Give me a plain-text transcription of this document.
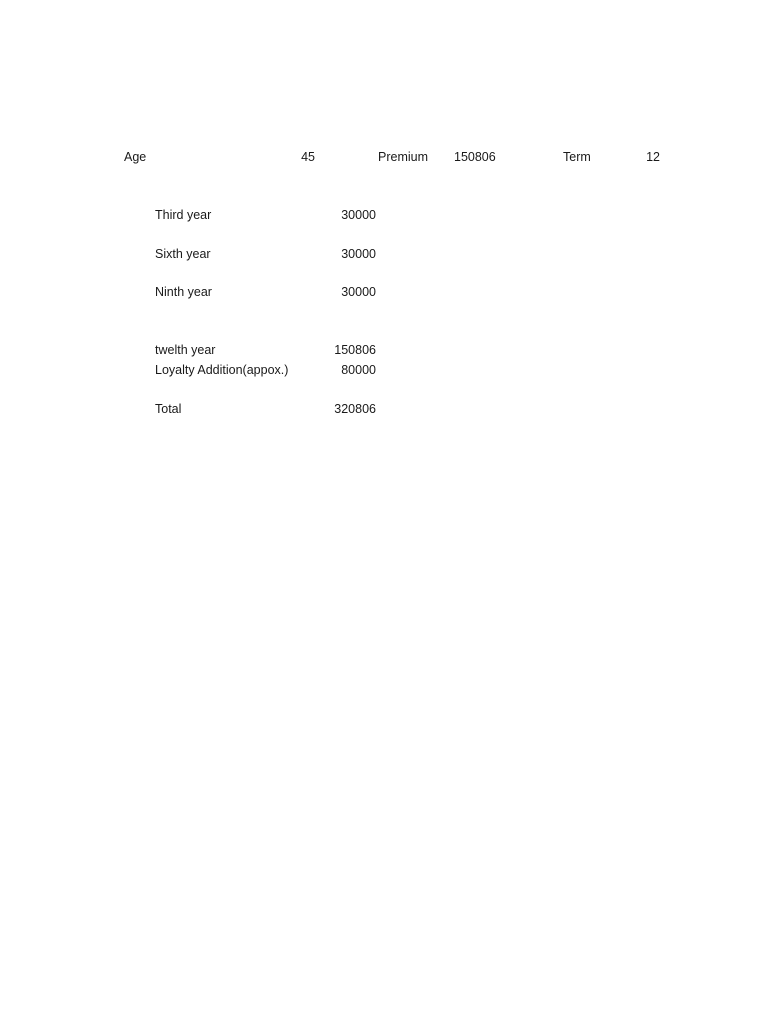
Age	45	Premium 150806	Term	12
Third year	30000
Sixth year	30000
Ninth year	30000
twelth year	150806
Loyalty Addition(appox.)	80000
Total	320806
